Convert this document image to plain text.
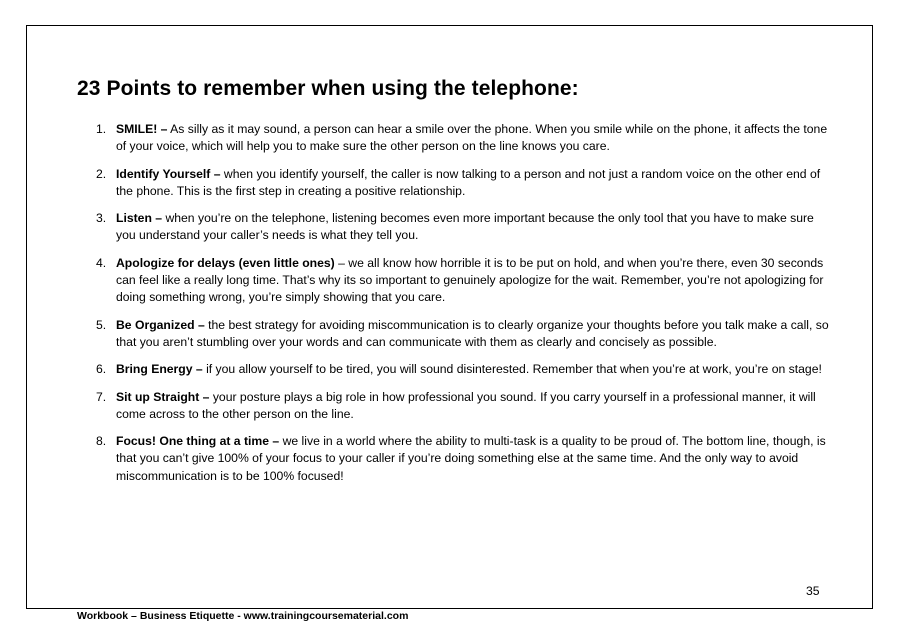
23 Points to remember when using the telephone:
1. SMILE! – As silly as it may sound, a person can hear a smile over the phone. When you smile while on the phone, it affects the tone of your voice, which will help you to make sure the other person on the line knows you care.
2. Identify Yourself – when you identify yourself, the caller is now talking to a person and not just a random voice on the other end of the phone. This is the first step in creating a positive relationship.
3. Listen – when you’re on the telephone, listening becomes even more important because the only tool that you have to make sure you understand your caller’s needs is what they tell you.
4. Apologize for delays (even little ones) – we all know how horrible it is to be put on hold, and when you’re there, even 30 seconds can feel like a really long time. That’s why its so important to genuinely apologize for the wait. Remember, you’re not apologizing for doing something wrong, you’re simply showing that you care.
5. Be Organized – the best strategy for avoiding miscommunication is to clearly organize your thoughts before you talk make a call, so that you aren’t stumbling over your words and can communicate with them as clearly and concisely as possible.
6. Bring Energy – if you allow yourself to be tired, you will sound disinterested. Remember that when you’re at work, you’re on stage!
7. Sit up Straight – your posture plays a big role in how professional you sound. If you carry yourself in a professional manner, it will come across to the other person on the line.
8. Focus! One thing at a time – we live in a world where the ability to multi-task is a quality to be proud of. The bottom line, though, is that you can’t give 100% of your focus to your caller if you’re doing something else at the same time. And the only way to avoid miscommunication is to be 100% focused!
35
Workbook – Business Etiquette - www.trainingcoursematerial.com
